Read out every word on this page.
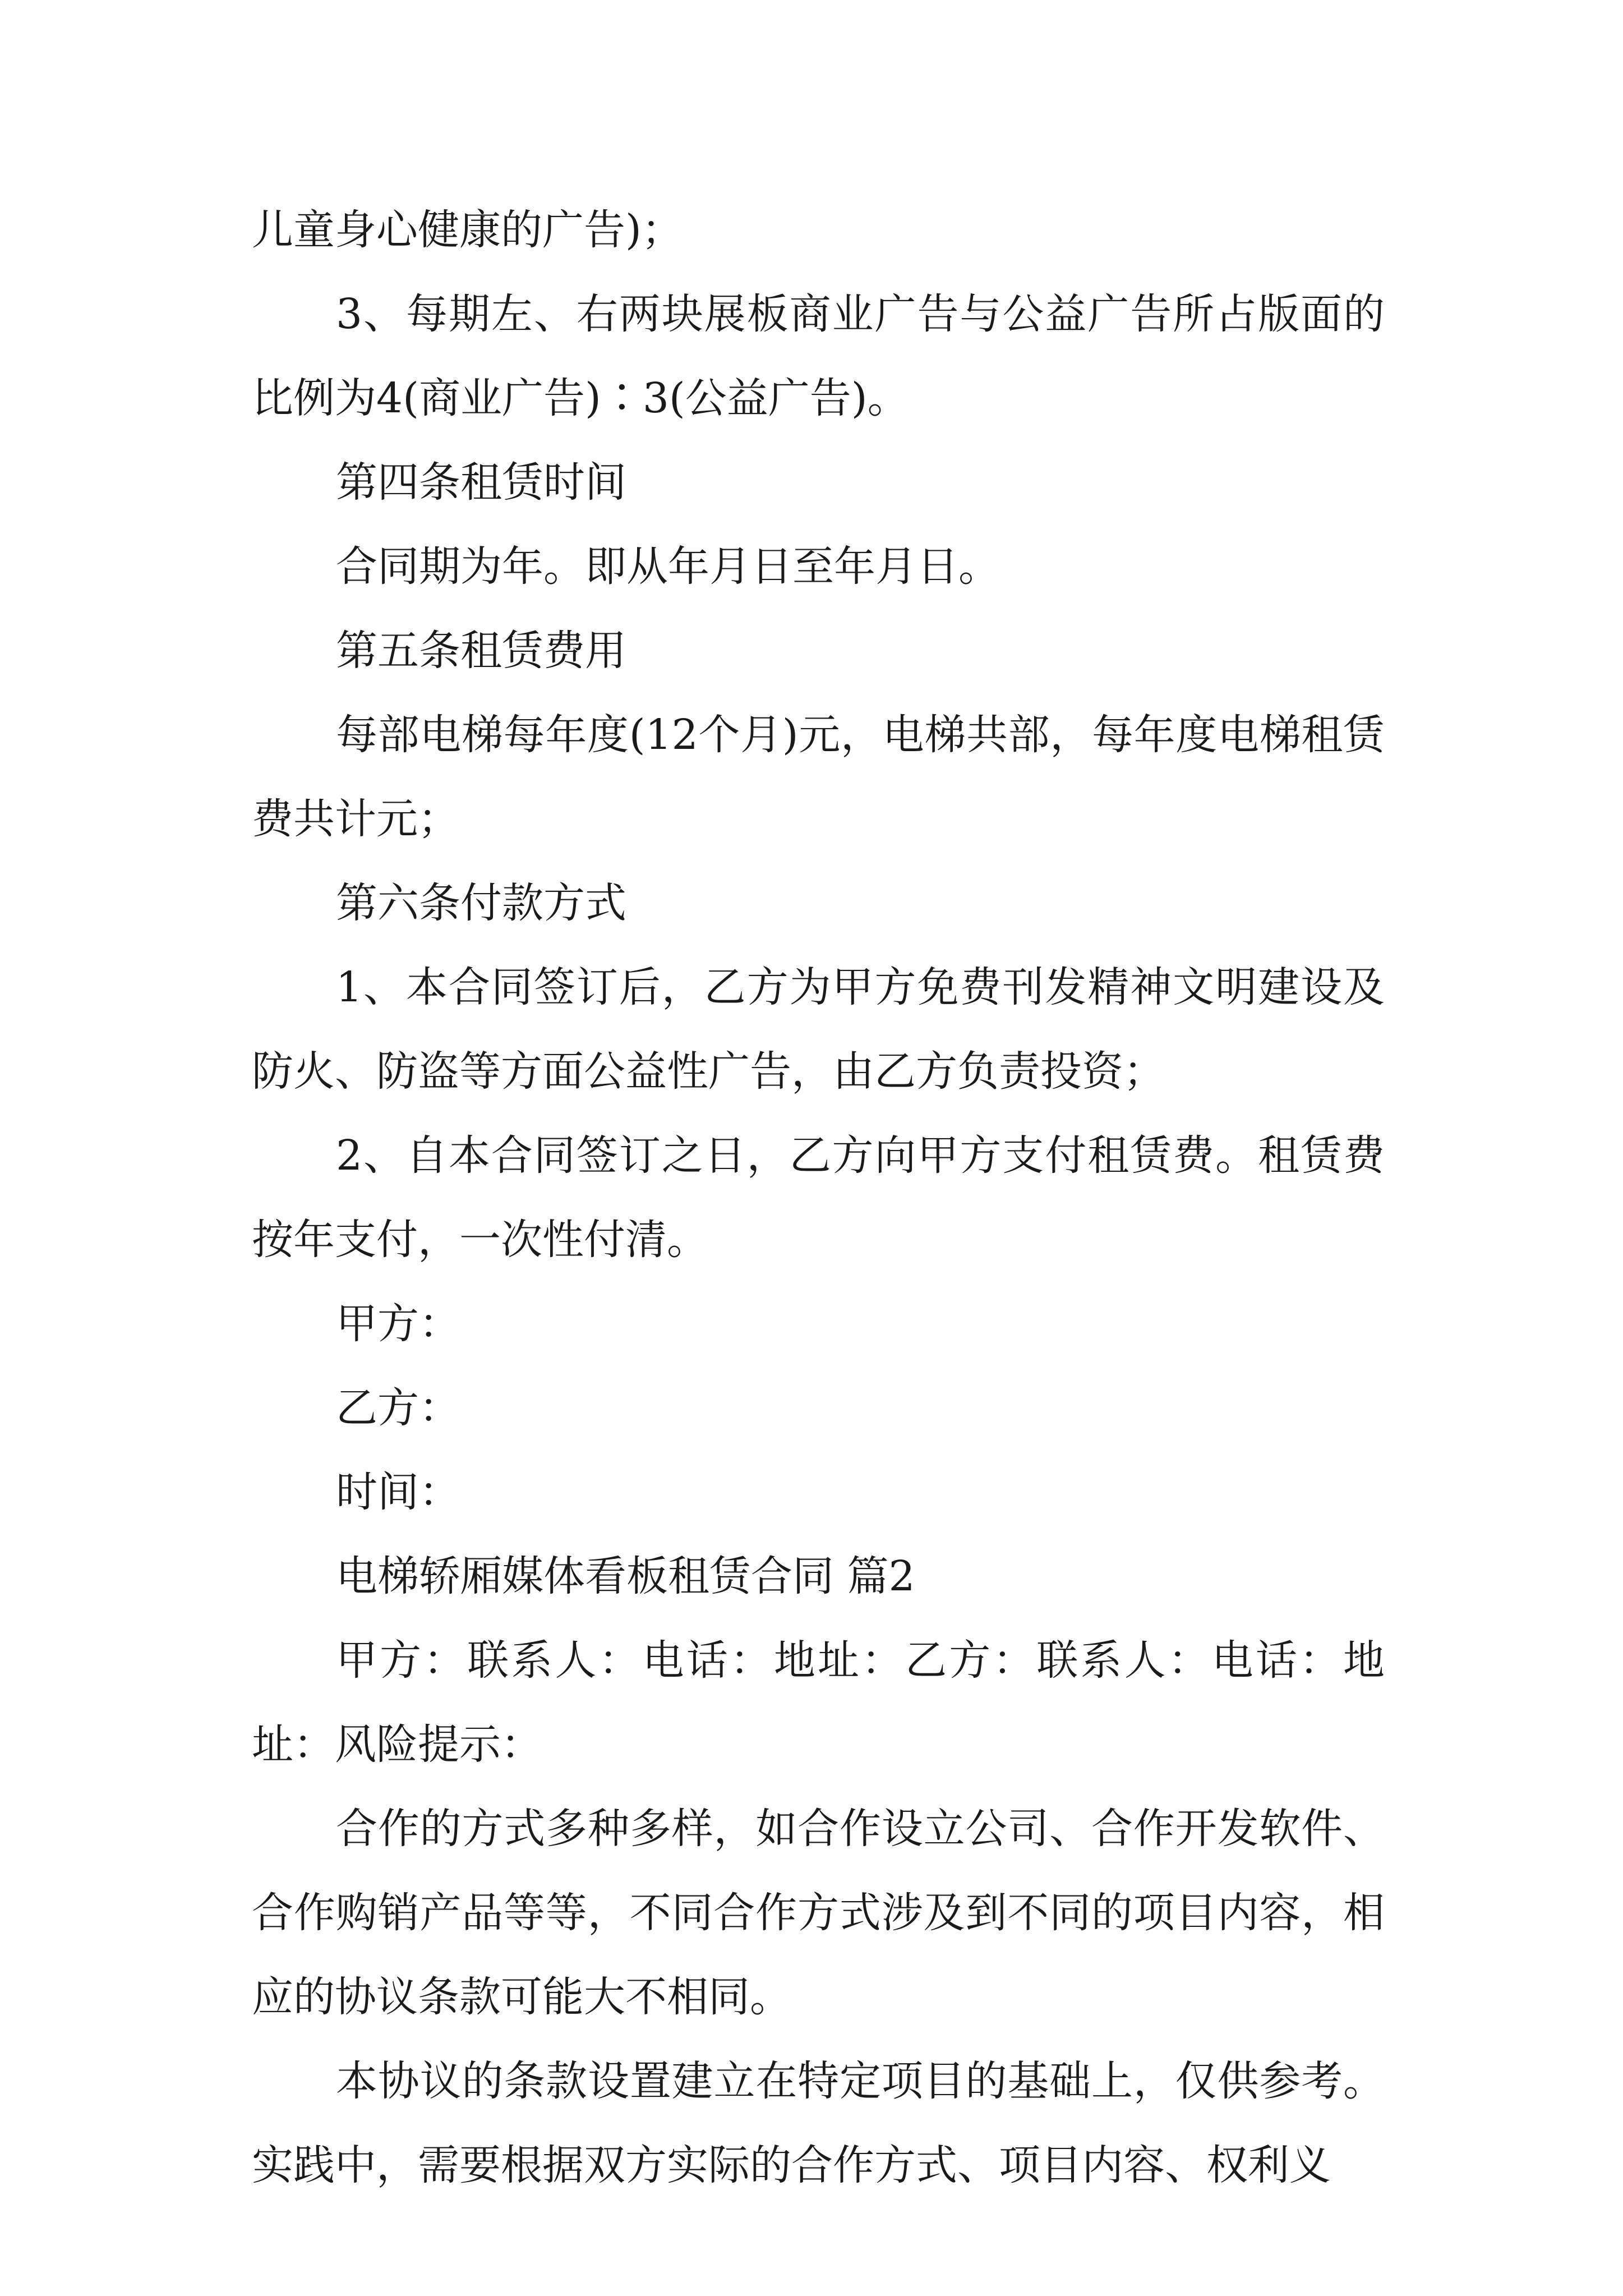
儿童身心健康的广告)；

3、每期左、右两块展板商业广告与公益广告所占版面的比例为4(商业广告)∶3(公益广告)。

第四条租赁时间

合同期为年。即从年月日至年月日。

第五条租赁费用

每部电梯每年度(12个月)元，电梯共部，每年度电梯租赁费共计元；

第六条付款方式

1、本合同签订后，乙方为甲方免费刊发精神文明建设及防火、防盗等方面公益性广告，由乙方负责投资；

2、自本合同签订之日，乙方向甲方支付租赁费。租赁费按年支付，一次性付清。

甲方：

乙方：

时间：

电梯轿厢媒体看板租赁合同 篇2

甲方：联系人：电话：地址：乙方：联系人：电话：地址：风险提示：

合作的方式多种多样，如合作设立公司、合作开发软件、合作购销产品等等，不同合作方式涉及到不同的项目内容，相应的协议条款可能大不相同。

本协议的条款设置建立在特定项目的基础上，仅供参考。实践中，需要根据双方实际的合作方式、项目内容、权利义
